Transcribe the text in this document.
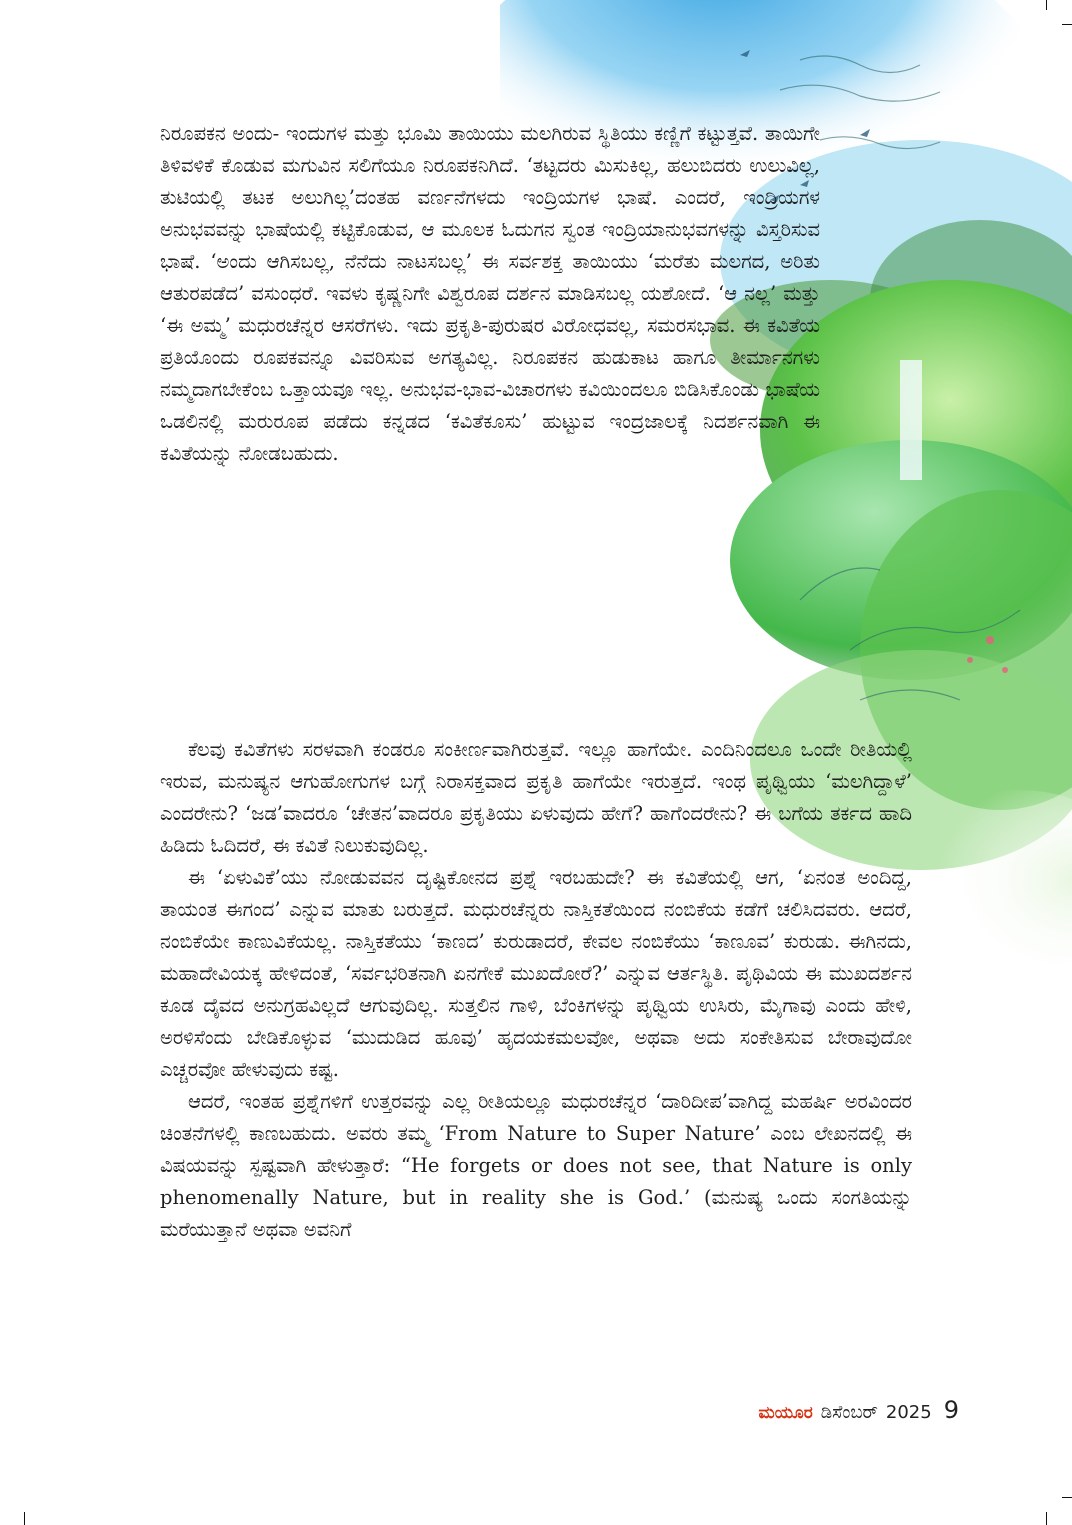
ನಿರೂಪಕನ ಅಂದು- ಇಂದುಗಳ ಮತ್ತು ಭೂಮಿ ತಾಯಿಯು ಮಲಗಿರುವ ಸ್ಥಿತಿಯು ಕಣ್ಣಿಗೆ ಕಟ್ಟುತ್ತವೆ. ತಾಯಿಗೇ ತಿಳಿವಳಿಕೆ ಕೊಡುವ ಮಗುವಿನ ಸಲಿಗೆಯೂ ನಿರೂಪಕನಿಗಿದೆ. ‘ತಟ್ಟದರು ಮಿಸುಕಿಲ್ಲ, ಹಲುಬಿದರು ಉಲುವಿಲ್ಲ, ತುಟಿಯಲ್ಲಿ ತಟಕ ಅಲುಗಿಲ್ಲ’ದಂತಹ ವರ್ಣನೆಗಳದು ಇಂದ್ರಿಯಗಳ ಭಾಷೆ. ಎಂದರೆ, ಇಂದ್ರಿಯಗಳ ಅನುಭವವನ್ನು ಭಾಷೆಯಲ್ಲಿ ಕಟ್ಟಿಕೊಡುವ, ಆ ಮೂಲಕ ಓದುಗನ ಸ್ವಂತ ಇಂದ್ರಿಯಾನುಭವಗಳನ್ನು ವಿಸ್ತರಿಸುವ ಭಾಷೆ. ‘ಅಂದು ಆಗಿಸಬಲ್ಲ, ನೆನೆದು ನಾಟಸಬಲ್ಲ’ ಈ ಸರ್ವಶಕ್ತ ತಾಯಿಯು ‘ಮರೆತು ಮಲಗದ, ಅರಿತು ಆತುರಪಡೆದ’ ವಸುಂಧರೆ. ಇವಳು ಕೃಷ್ಣನಿಗೇ ವಿಶ್ವರೂಪ ದರ್ಶನ ಮಾಡಿಸಬಲ್ಲ ಯಶೋದೆ. ‘ಆ ನಲ್ಲ’ ಮತ್ತು ‘ಈ ಅಮ್ಮ’ ಮಧುರಚೆನ್ನರ ಆಸರೆಗಳು. ಇದು ಪ್ರಕೃತಿ-ಪುರುಷರ ವಿರೋಧವಲ್ಲ, ಸಮರಸಭಾವ. ಈ ಕವಿತೆಯ ಪ್ರತಿಯೊಂದು ರೂಪಕವನ್ನೂ ವಿವರಿಸುವ ಅಗತ್ಯವಿಲ್ಲ. ನಿರೂಪಕನ ಹುಡುಕಾಟ ಹಾಗೂ ತೀರ್ಮಾನಗಳು ನಮ್ಮದಾಗಬೇಕೆಂಬ ಒತ್ತಾಯವೂ ಇಲ್ಲ. ಅನುಭವ-ಭಾವ-ವಿಚಾರಗಳು ಕವಿಯಿಂದಲೂ ಬಿಡಿಸಿಕೊಂಡು ಭಾಷೆಯ ಒಡಲಿನಲ್ಲಿ ಮರುರೂಪ ಪಡೆದು ಕನ್ನಡದ ‘ಕವಿತೆಕೂಸು’ ಹುಟ್ಟುವ ಇಂದ್ರಜಾಲಕ್ಕೆ ನಿದರ್ಶನವಾಗಿ ಈ ಕವಿತೆಯನ್ನು ನೋಡಬಹುದು.

ಕೆಲವು ಕವಿತೆಗಳು ಸರಳವಾಗಿ ಕಂಡರೂ ಸಂಕೀರ್ಣವಾಗಿರುತ್ತವೆ. ಇಲ್ಲೂ ಹಾಗೆಯೇ. ಎಂದಿನಿಂದಲೂ ಒಂದೇ ರೀತಿಯಲ್ಲಿ ಇರುವ, ಮನುಷ್ಯನ ಆಗುಹೋಗುಗಳ ಬಗ್ಗೆ ನಿರಾಸಕ್ತವಾದ ಪ್ರಕೃತಿ ಹಾಗೆಯೇ ಇರುತ್ತದೆ. ಇಂಥ ಪೃಥ್ವಿಯು ‘ಮಲಗಿದ್ದಾಳೆ’ ಎಂದರೇನು? ‘ಜಡ’ವಾದರೂ ‘ಚೇತನ’ವಾದರೂ ಪ್ರಕೃತಿಯು ಏಳುವುದು ಹೇಗೆ? ಹಾಗೆಂದರೇನು? ಈ ಬಗೆಯ ತರ್ಕದ ಹಾದಿ ಹಿಡಿದು ಓದಿದರೆ, ಈ ಕವಿತೆ ನಿಲುಕುವುದಿಲ್ಲ.

ಈ ‘ಏಳುವಿಕೆ’ಯು ನೋಡುವವನ ದೃಷ್ಟಿಕೋನದ ಪ್ರಶ್ನೆ ಇರಬಹುದೇ? ಈ ಕವಿತೆಯಲ್ಲಿ ಆಗ, ‘ಏನಂತ ಅಂದಿದ್ದ, ತಾಯಂತ ಈಗಂದ’ ಎನ್ನುವ ಮಾತು ಬರುತ್ತದೆ. ಮಧುರಚೆನ್ನರು ನಾಸ್ತಿಕತೆಯಿಂದ ನಂಬಿಕೆಯ ಕಡೆಗೆ ಚಲಿಸಿದವರು. ಆದರೆ, ನಂಬಿಕೆಯೇ ಕಾಣುವಿಕೆಯಲ್ಲ. ನಾಸ್ತಿಕತೆಯು ‘ಕಾಣದ’ ಕುರುಡಾದರೆ, ಕೇವಲ ನಂಬಿಕೆಯು ‘ಕಾಣೂವ’ ಕುರುಡು. ಈಗಿನದು, ಮಹಾದೇವಿಯಕ್ಕ ಹೇಳಿದಂತೆ, ‘ಸರ್ವಭರಿತನಾಗಿ ಏನಗೇಕೆ ಮುಖದೋರೆ?’ ಎನ್ನುವ ಆರ್ತಸ್ಥಿತಿ. ಪೃಥಿವಿಯ ಈ ಮುಖದರ್ಶನ ಕೂಡ ದೈವದ ಅನುಗ್ರಹವಿಲ್ಲದೆ ಆಗುವುದಿಲ್ಲ. ಸುತ್ತಲಿನ ಗಾಳಿ, ಬೆಂಕಿಗಳನ್ನು ಪೃಥ್ವಿಯ ಉಸಿರು, ಮೈಗಾವು ಎಂದು ಹೇಳಿ, ಅರಳಿಸೆಂದು ಬೇಡಿಕೊಳ್ಳುವ ‘ಮುದುಡಿದ ಹೂವು’ ಹೃದಯಕಮಲವೋ, ಅಥವಾ ಅದು ಸಂಕೇತಿಸುವ ಬೇರಾವುದೋ ಎಚ್ಚರವೋ ಹೇಳುವುದು ಕಷ್ಟ.

ಆದರೆ, ಇಂತಹ ಪ್ರಶ್ನೆಗಳಿಗೆ ಉತ್ತರವನ್ನು ಎಲ್ಲ ರೀತಿಯಲ್ಲೂ ಮಧುರಚೆನ್ನರ ‘ದಾರಿದೀಪ’ವಾಗಿದ್ದ ಮಹರ್ಷಿ ಅರವಿಂದರ ಚಿಂತನೆಗಳಲ್ಲಿ ಕಾಣಬಹುದು. ಅವರು ತಮ್ಮ ‘From Nature to Super Nature’ ಎಂಬ ಲೇಖನದಲ್ಲಿ ಈ ವಿಷಯವನ್ನು ಸ್ಪಷ್ಟವಾಗಿ ಹೇಳುತ್ತಾರೆ: “He forgets or does not see, that Nature is only phenomenally Nature, but in reality she is God.’ (ಮನುಷ್ಯ ಒಂದು ಸಂಗತಿಯನ್ನು ಮರೆಯುತ್ತಾನೆ ಅಥವಾ ಅವನಿಗೆ

ಮಯೂರ ಡಿಸೆಂಬರ್ 2025 9
